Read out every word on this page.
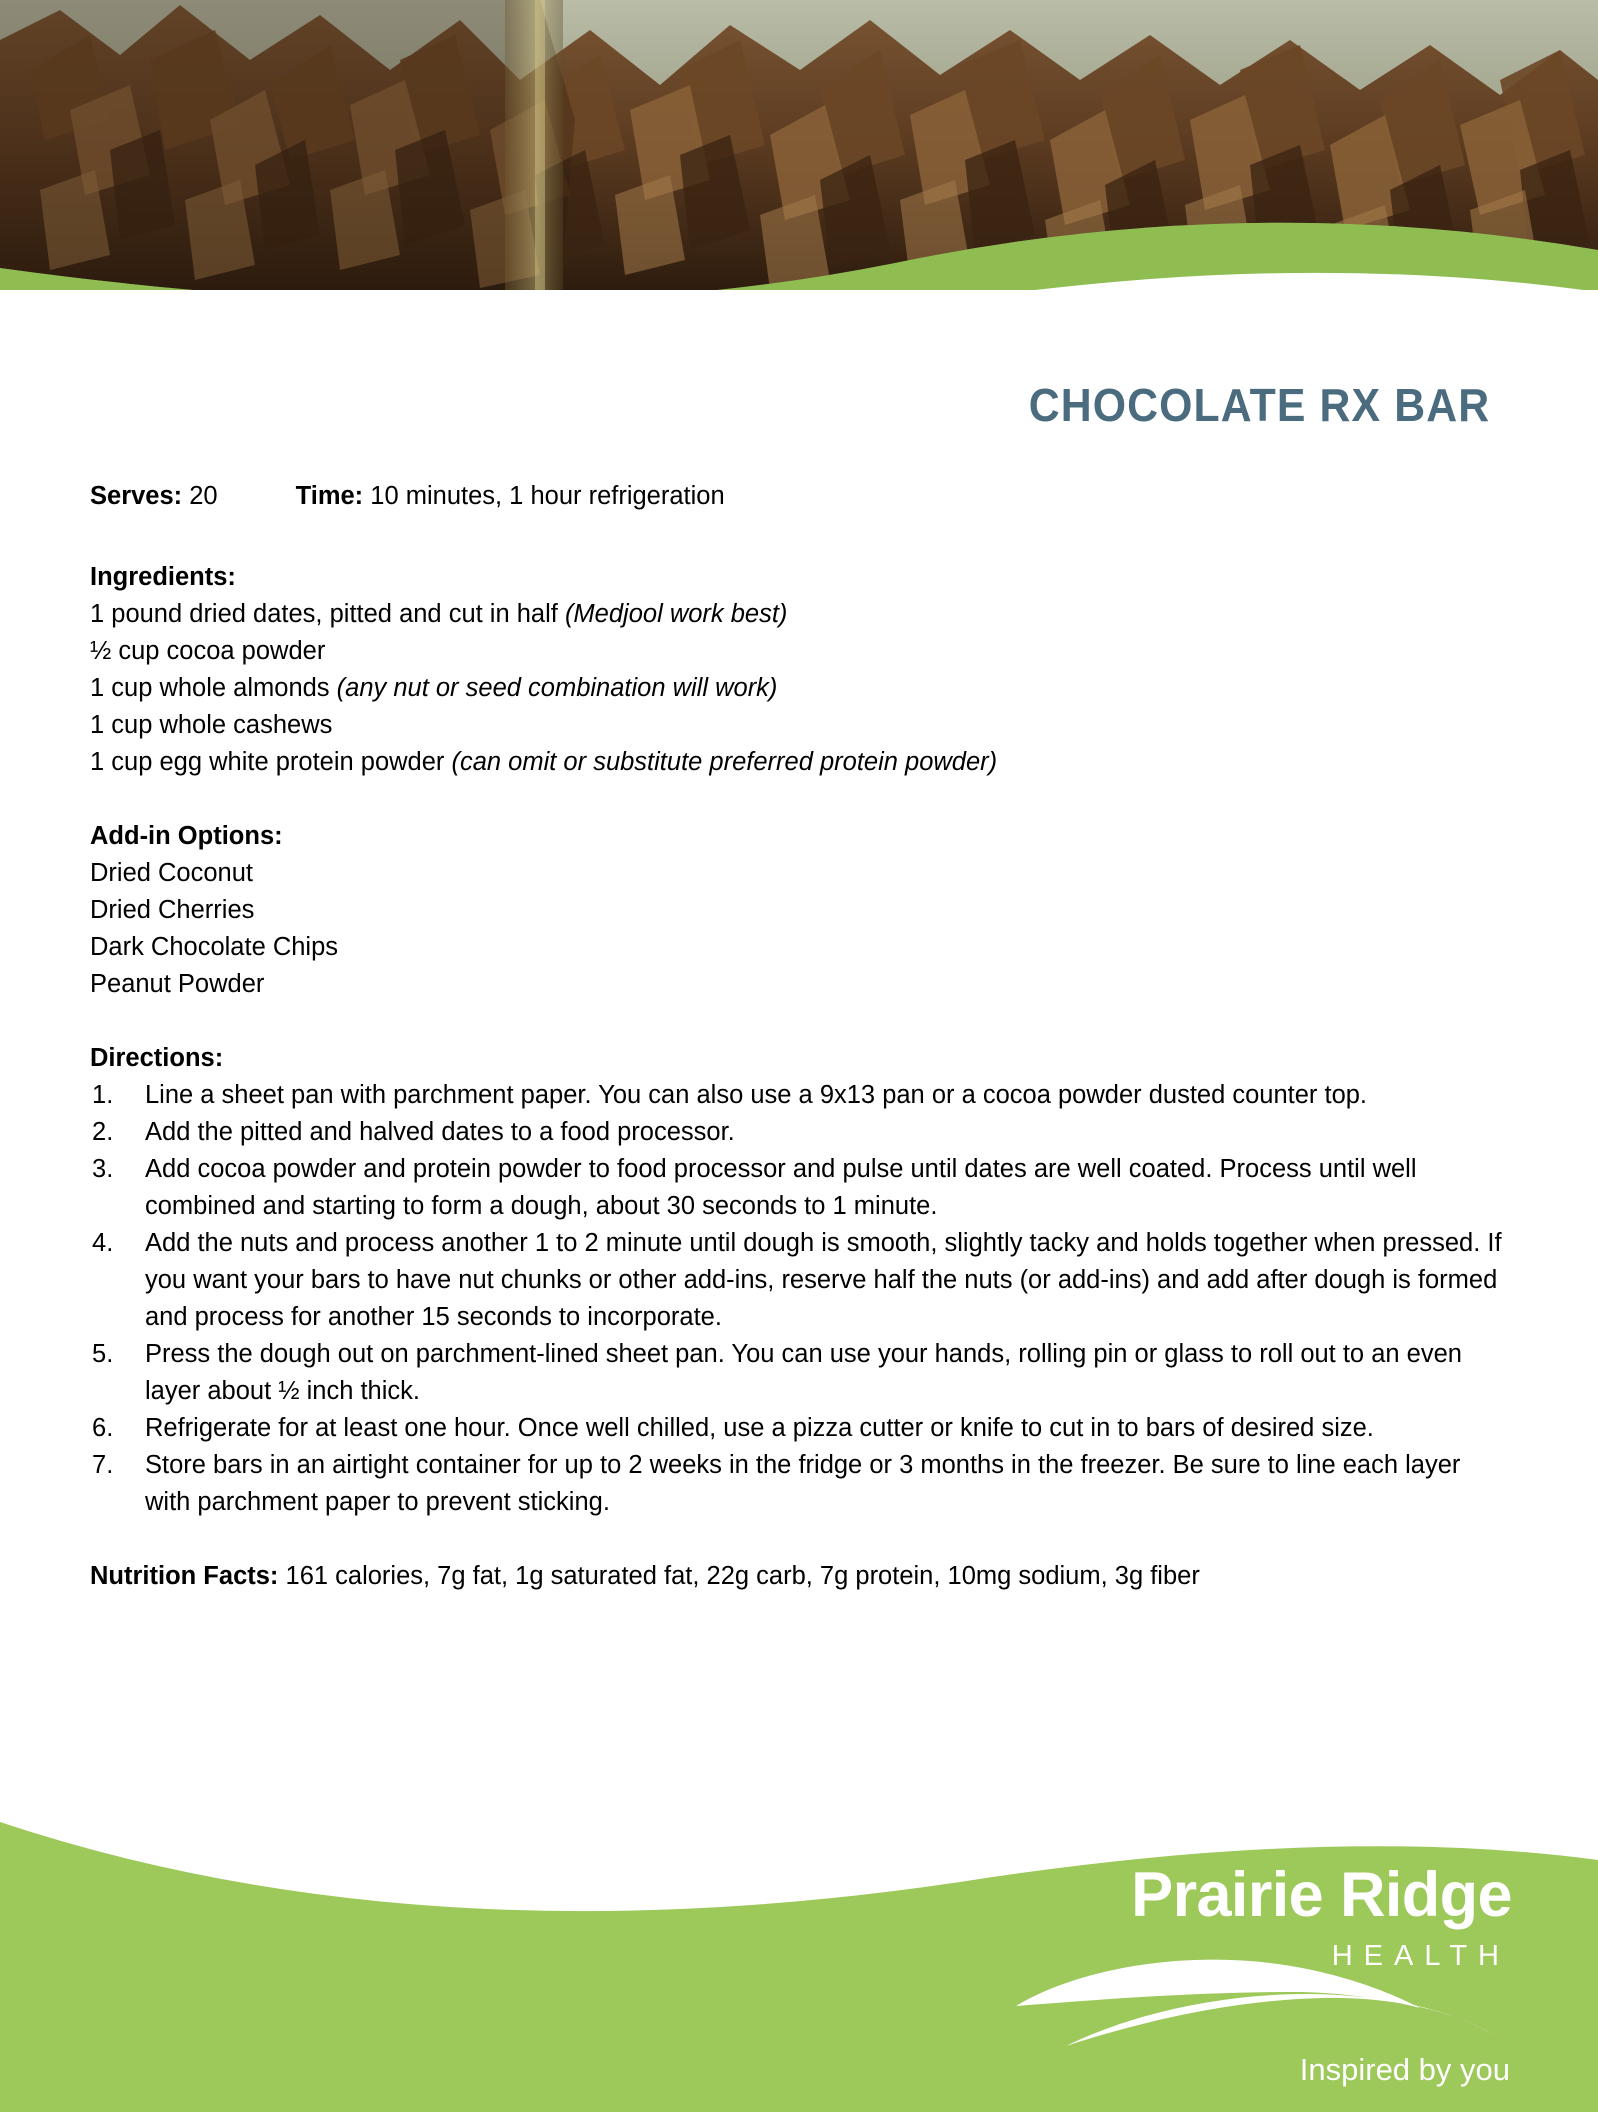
CHOCOLATE RX BAR

Serves: 20	Time: 10 minutes, 1 hour refrigeration

Ingredients:

1 pound dried dates, pitted and cut in half (Medjool work best)

½ cup cocoa powder

1 cup whole almonds (any nut or seed combination will work)

1 cup whole cashews

1 cup egg white protein powder (can omit or substitute preferred protein powder)

Add-in Options:

Dried Coconut

Dried Cherries

Dark Chocolate Chips

Peanut Powder

Directions:

Line a sheet pan with parchment paper. You can also use a 9x13 pan or a cocoa powder dusted counter top.
Add the pitted and halved dates to a food processor.
Add cocoa powder and protein powder to food processor and pulse until dates are well coated. Process until well combined and starting to form a dough, about 30 seconds to 1 minute.
Add the nuts and process another 1 to 2 minute until dough is smooth, slightly tacky and holds together when pressed. If you want your bars to have nut chunks or other add-ins, reserve half the nuts (or add-ins) and add after dough is formed and process for another 15 seconds to incorporate.
Press the dough out on parchment-lined sheet pan. You can use your hands, rolling pin or glass to roll out to an even layer about ½ inch thick.
Refrigerate for at least one hour. Once well chilled, use a pizza cutter or knife to cut in to bars of desired size.
Store bars in an airtight container for up to 2 weeks in the fridge or 3 months in the freezer. Be sure to line each layer with parchment paper to prevent sticking.

Nutrition Facts: 161 calories, 7g fat, 1g saturated fat, 22g carb, 7g protein, 10mg sodium, 3g fiber

Prairie Ridge
HEALTH
Inspired by you
